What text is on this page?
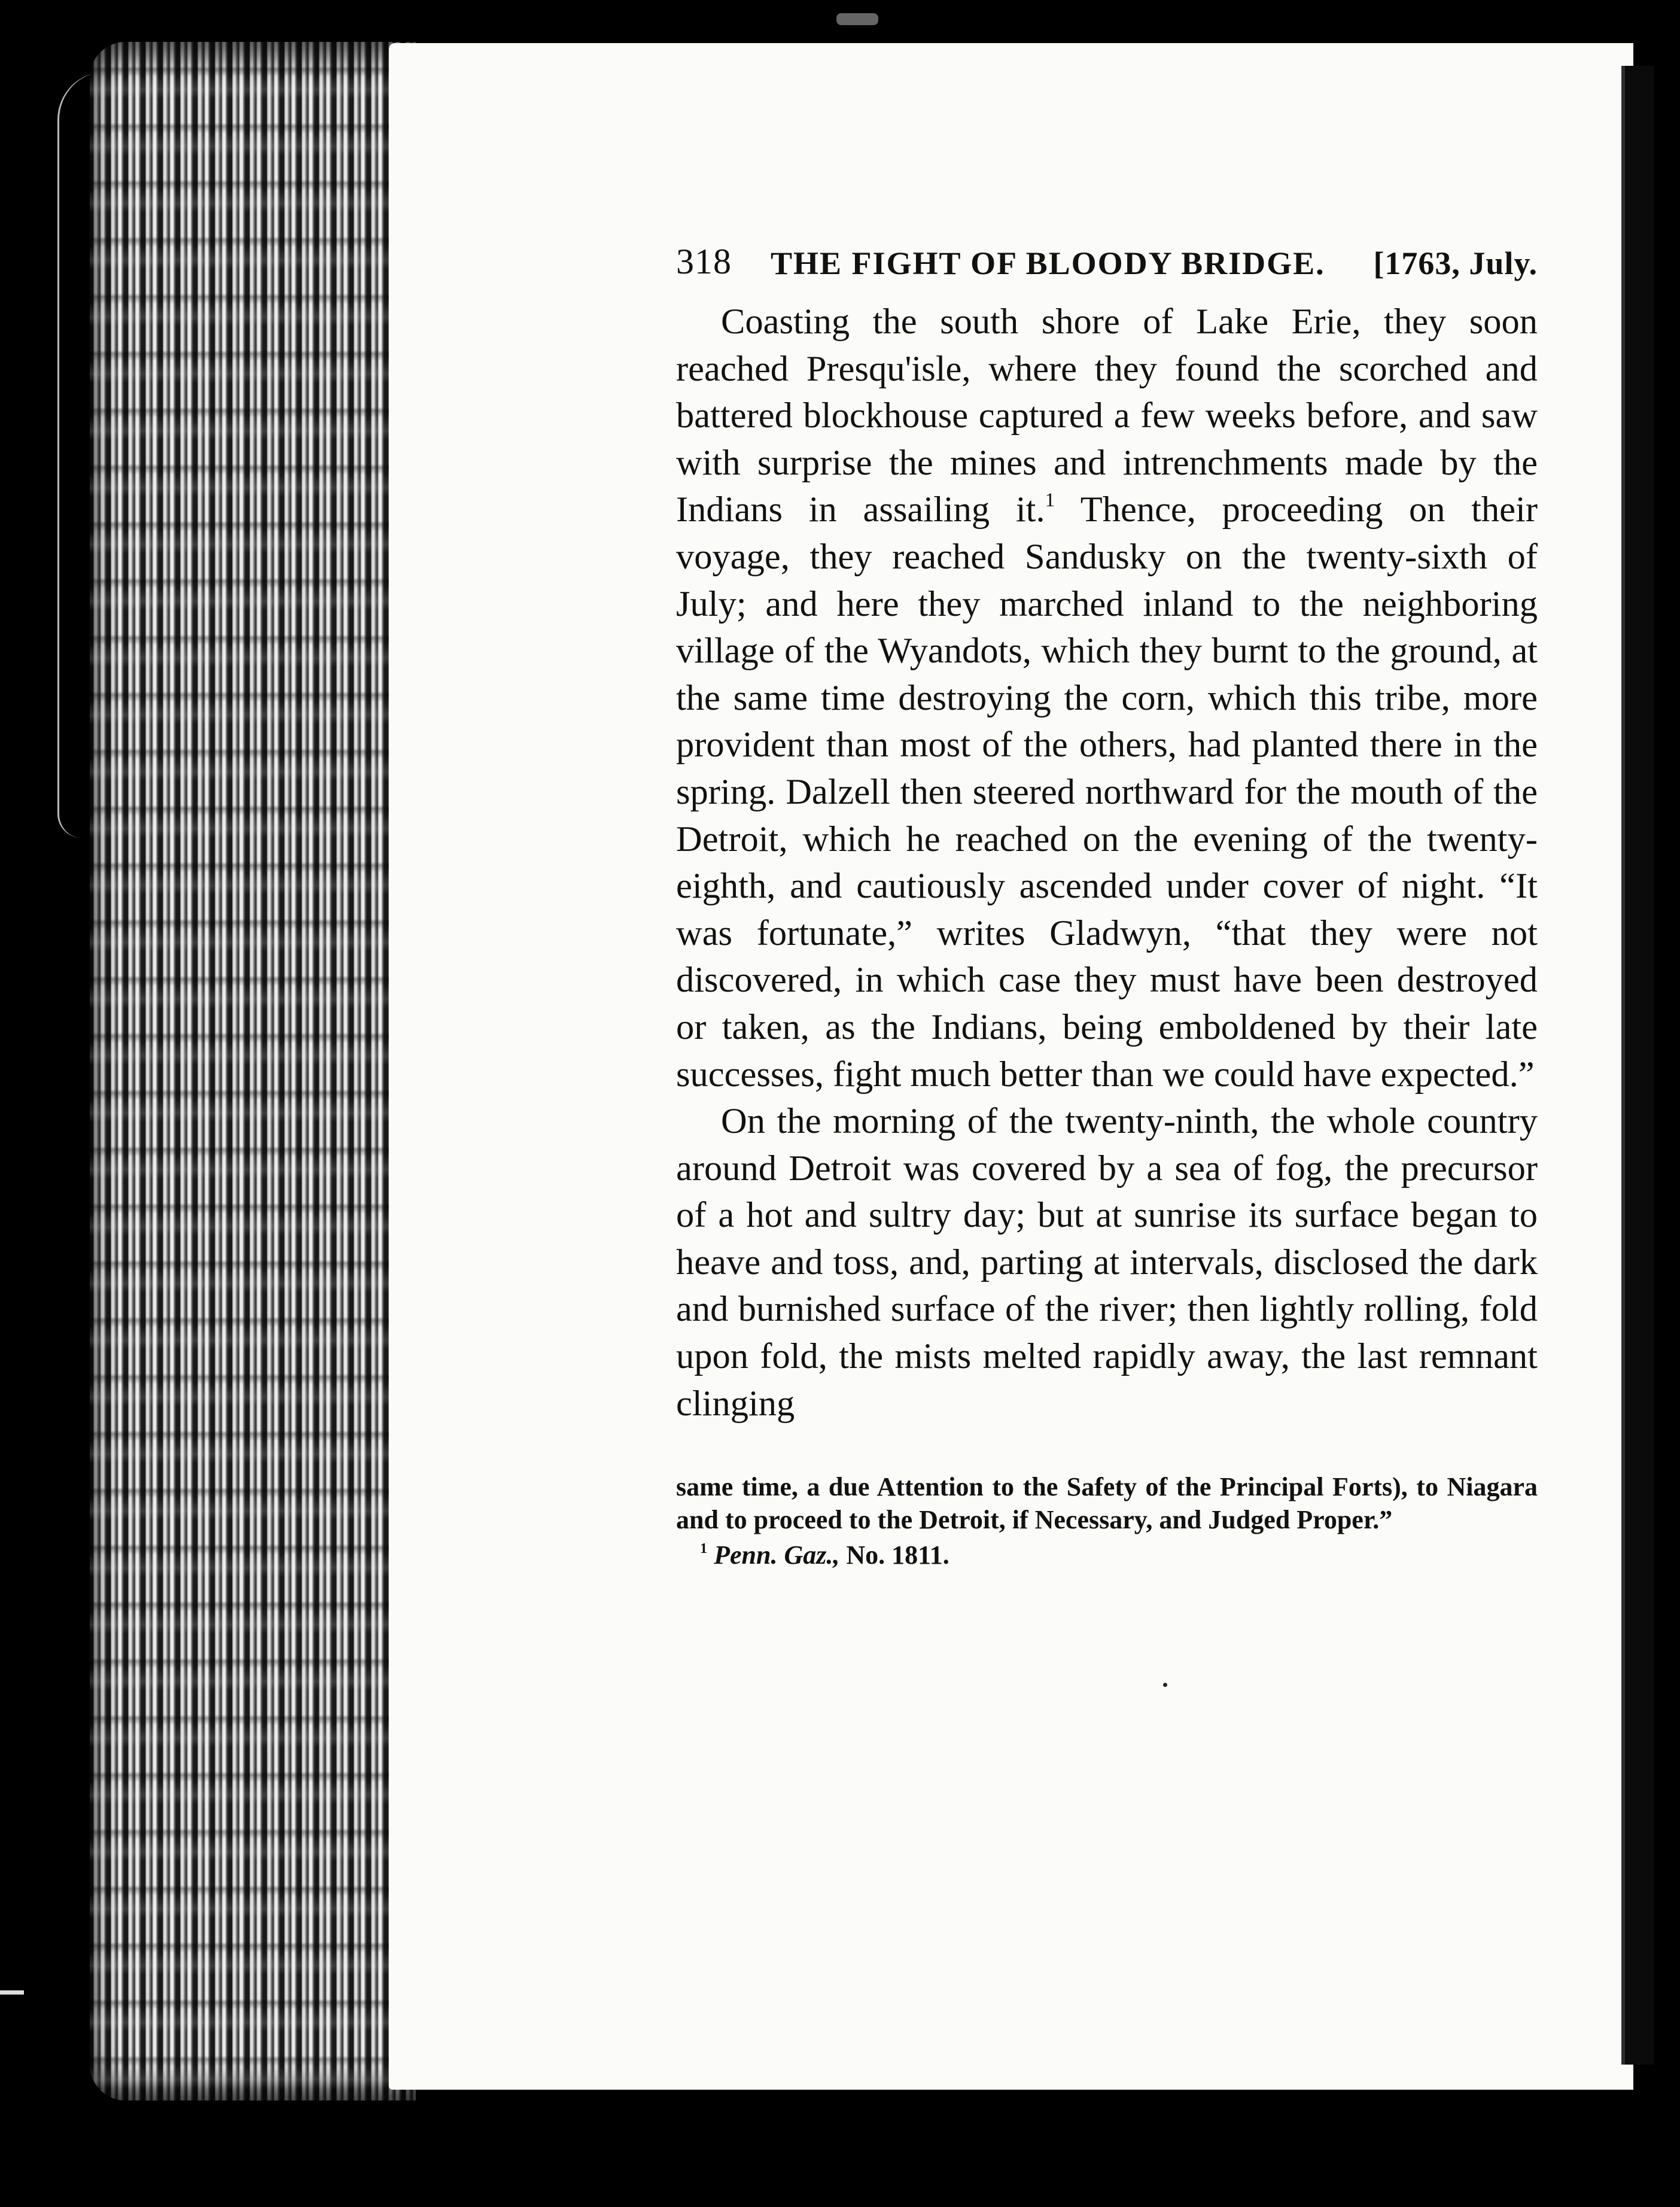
318 THE FIGHT OF BLOODY BRIDGE. [1763, July.

Coasting the south shore of Lake Erie, they soon reached Presqu'isle, where they found the scorched and battered blockhouse captured a few weeks before, and saw with surprise the mines and intrenchments made by the Indians in assailing it.$^1$ Thence, proceeding on their voyage, they reached Sandusky on the twenty-sixth of July; and here they marched inland to the neighboring village of the Wyandots, which they burnt to the ground, at the same time destroying the corn, which this tribe, more provident than most of the others, had planted there in the spring. Dalzell then steered northward for the mouth of the Detroit, which he reached on the evening of the twenty-eighth, and cautiously ascended under cover of night. “It was fortunate,” writes Gladwyn, “that they were not discovered, in which case they must have been destroyed or taken, as the Indians, being emboldened by their late successes, fight much better than we could have expected.”

On the morning of the twenty-ninth, the whole country around Detroit was covered by a sea of fog, the precursor of a hot and sultry day; but at sunrise its surface began to heave and toss, and, parting at intervals, disclosed the dark and burnished surface of the river; then lightly rolling, fold upon fold, the mists melted rapidly away, the last remnant clinging

same time, a due Attention to the Safety of the Principal Forts), to Niagara and to proceed to the Detroit, if Necessary, and Judged Proper.”

$^1$ Penn. Gaz., No. 1811.
